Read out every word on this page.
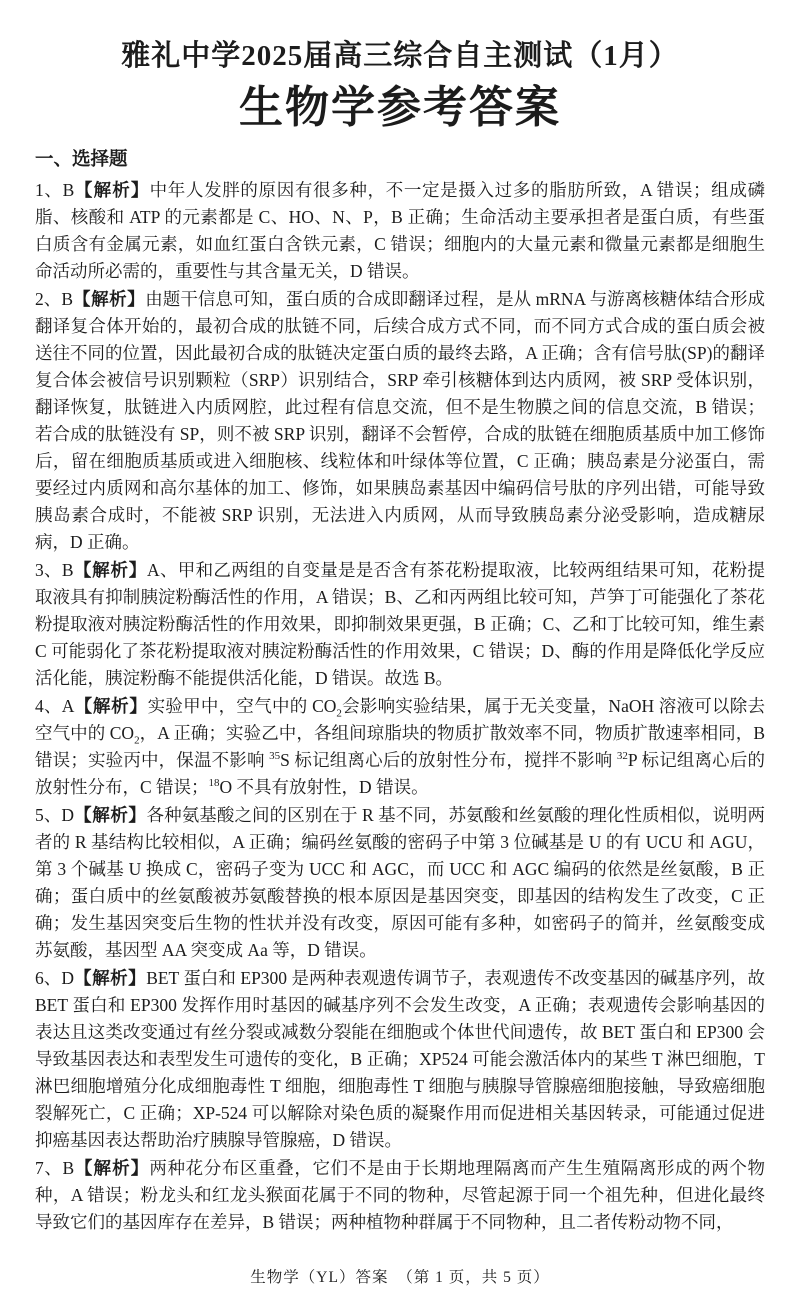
雅礼中学2025届高三综合自主测试（1月）
生物学参考答案
一、选择题

1、B【解析】中年人发胖的原因有很多种，不一定是摄入过多的脂肪所致，A 错误；组成磷脂、核酸和 ATP 的元素都是 C、HO、N、P，B 正确；生命活动主要承担者是蛋白质，有些蛋白质含有金属元素，如血红蛋白含铁元素，C 错误；细胞内的大量元素和微量元素都是细胞生命活动所必需的，重要性与其含量无关，D 错误。

2、B【解析】由题干信息可知，蛋白质的合成即翻译过程，是从 mRNA 与游离核糖体结合形成翻译复合体开始的，最初合成的肽链不同，后续合成方式不同，而不同方式合成的蛋白质会被送往不同的位置，因此最初合成的肽链决定蛋白质的最终去路，A 正确；含有信号肽(SP)的翻译复合体会被信号识别颗粒（SRP）识别结合，SRP 牵引核糖体到达内质网，被 SRP 受体识别，翻译恢复，肽链进入内质网腔，此过程有信息交流，但不是生物膜之间的信息交流，B 错误；若合成的肽链没有 SP，则不被 SRP 识别，翻译不会暂停，合成的肽链在细胞质基质中加工修饰后，留在细胞质基质或进入细胞核、线粒体和叶绿体等位置，C 正确；胰岛素是分泌蛋白，需要经过内质网和高尔基体的加工、修饰，如果胰岛素基因中编码信号肽的序列出错，可能导致胰岛素合成时，不能被 SRP 识别，无法进入内质网，从而导致胰岛素分泌受影响，造成糖尿病，D 正确。

3、B【解析】A、甲和乙两组的自变量是是否含有茶花粉提取液，比较两组结果可知，花粉提取液具有抑制胰淀粉酶活性的作用，A 错误；B、乙和丙两组比较可知，芦笋丁可能强化了茶花粉提取液对胰淀粉酶活性的作用效果，即抑制效果更强，B 正确；C、乙和丁比较可知，维生素 C 可能弱化了茶花粉提取液对胰淀粉酶活性的作用效果，C 错误；D、酶的作用是降低化学反应活化能，胰淀粉酶不能提供活化能，D 错误。故选 B。

4、A【解析】实验甲中，空气中的 $CO_2$会影响实验结果，属于无关变量，NaOH 溶液可以除去空气中的 $CO_2$，A 正确；实验乙中，各组间琼脂块的物质扩散效率不同，物质扩散速率相同，B 错误；实验丙中，保温不影响 $^{35}$S 标记组离心后的放射性分布，搅拌不影响 $^{32}$P 标记组离心后的放射性分布，C 错误；$^{18}$O 不具有放射性，D 错误。

5、D【解析】各种氨基酸之间的区别在于 R 基不同，苏氨酸和丝氨酸的理化性质相似，说明两者的 R 基结构比较相似，A 正确；编码丝氨酸的密码子中第 3 位碱基是 U 的有 UCU 和 AGU，第 3 个碱基 U 换成 C，密码子变为 UCC 和 AGC，而 UCC 和 AGC 编码的依然是丝氨酸，B 正确；蛋白质中的丝氨酸被苏氨酸替换的根本原因是基因突变，即基因的结构发生了改变，C 正确；发生基因突变后生物的性状并没有改变，原因可能有多种，如密码子的简并，丝氨酸变成苏氨酸，基因型 AA 突变成 Aa 等，D 错误。

6、D【解析】BET 蛋白和 EP300 是两种表观遗传调节子，表观遗传不改变基因的碱基序列，故 BET 蛋白和 EP300 发挥作用时基因的碱基序列不会发生改变，A 正确；表观遗传会影响基因的表达且这类改变通过有丝分裂或减数分裂能在细胞或个体世代间遗传，故 BET 蛋白和 EP300 会导致基因表达和表型发生可遗传的变化，B 正确；XP524 可能会激活体内的某些 T 淋巴细胞，T 淋巴细胞增殖分化成细胞毒性 T 细胞，细胞毒性 T 细胞与胰腺导管腺癌细胞接触，导致癌细胞裂解死亡，C 正确；XP-524 可以解除对染色质的凝聚作用而促进相关基因转录，可能通过促进抑癌基因表达帮助治疗胰腺导管腺癌，D 错误。

7、B【解析】两种花分布区重叠，它们不是由于长期地理隔离而产生生殖隔离形成的两个物种，A 错误；粉龙头和红龙头猴面花属于不同的物种，尽管起源于同一个祖先种，但进化最终导致它们的基因库存在差异，B 错误；两种植物种群属于不同物种，且二者传粉动物不同，

生物学（YL）答案　（第 1 页，共 5 页）
